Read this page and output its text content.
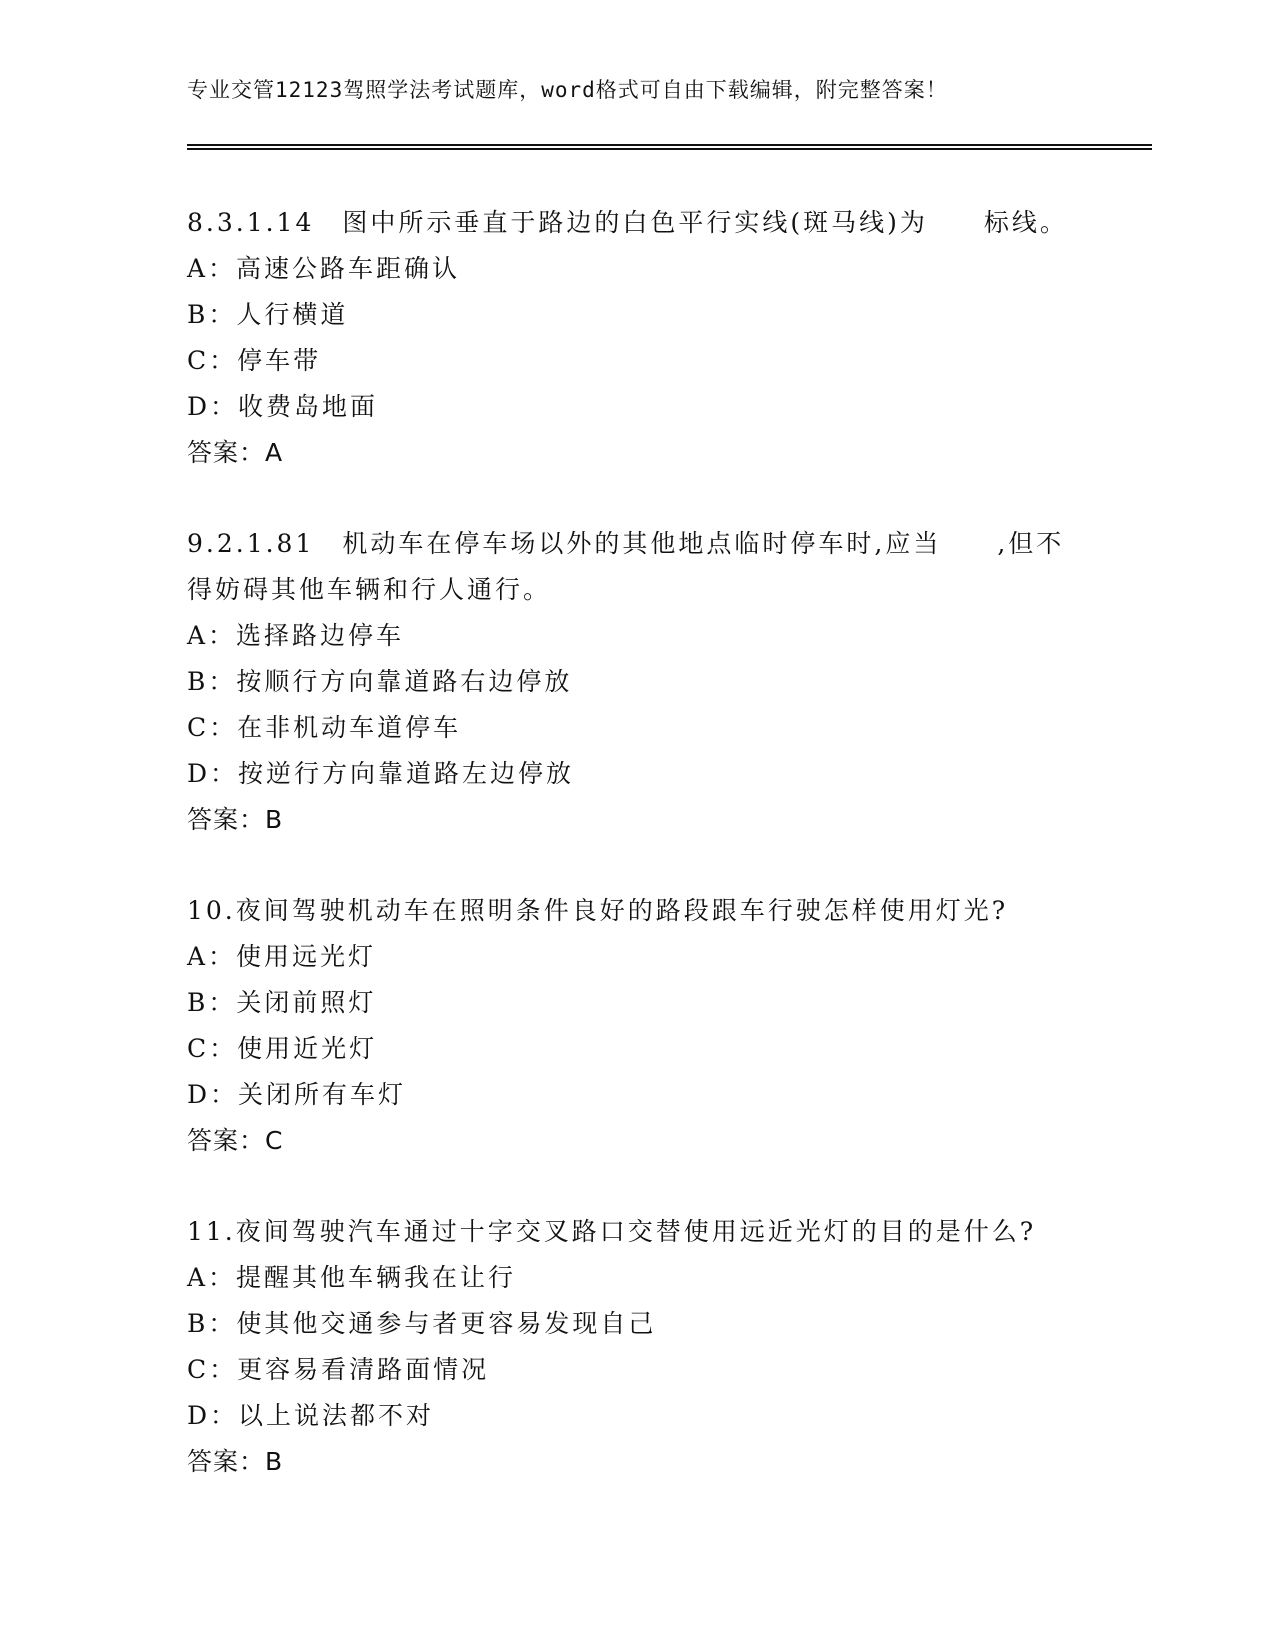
专业交管12123驾照学法考试题库，word格式可自由下载编辑，附完整答案！
8.3.1.14　图中所示垂直于路边的白色平行实线(斑马线)为　　标线。
A：高速公路车距确认
B：人行横道
C：停车带
D：收费岛地面
答案：A
9.2.1.81　机动车在停车场以外的其他地点临时停车时,应当　　,但不得妨碍其他车辆和行人通行。
A：选择路边停车
B：按顺行方向靠道路右边停放
C：在非机动车道停车
D：按逆行方向靠道路左边停放
答案：B
10.夜间驾驶机动车在照明条件良好的路段跟车行驶怎样使用灯光?
A：使用远光灯
B：关闭前照灯
C：使用近光灯
D：关闭所有车灯
答案：C
11.夜间驾驶汽车通过十字交叉路口交替使用远近光灯的目的是什么?
A：提醒其他车辆我在让行
B：使其他交通参与者更容易发现自己
C：更容易看清路面情况
D：以上说法都不对
答案：B
